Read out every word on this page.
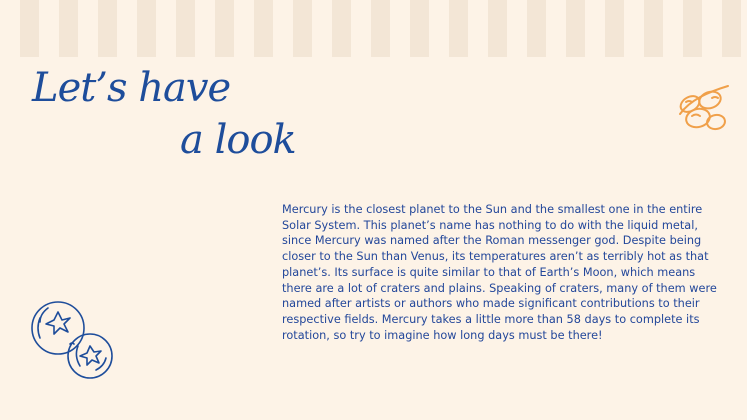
Let’s have
a look

Mercury is the closest planet to the Sun and the smallest one in the entire Solar System. This planet’s name has nothing to do with the liquid metal, since Mercury was named after the Roman messenger god. Despite being closer to the Sun than Venus, its temperatures aren’t as terribly hot as that planet’s. Its surface is quite similar to that of Earth’s Moon, which means there are a lot of craters and plains. Speaking of craters, many of them were named after artists or authors who made significant contributions to their respective fields. Mercury takes a little more than 58 days to complete its rotation, so try to imagine how long days must be there!
